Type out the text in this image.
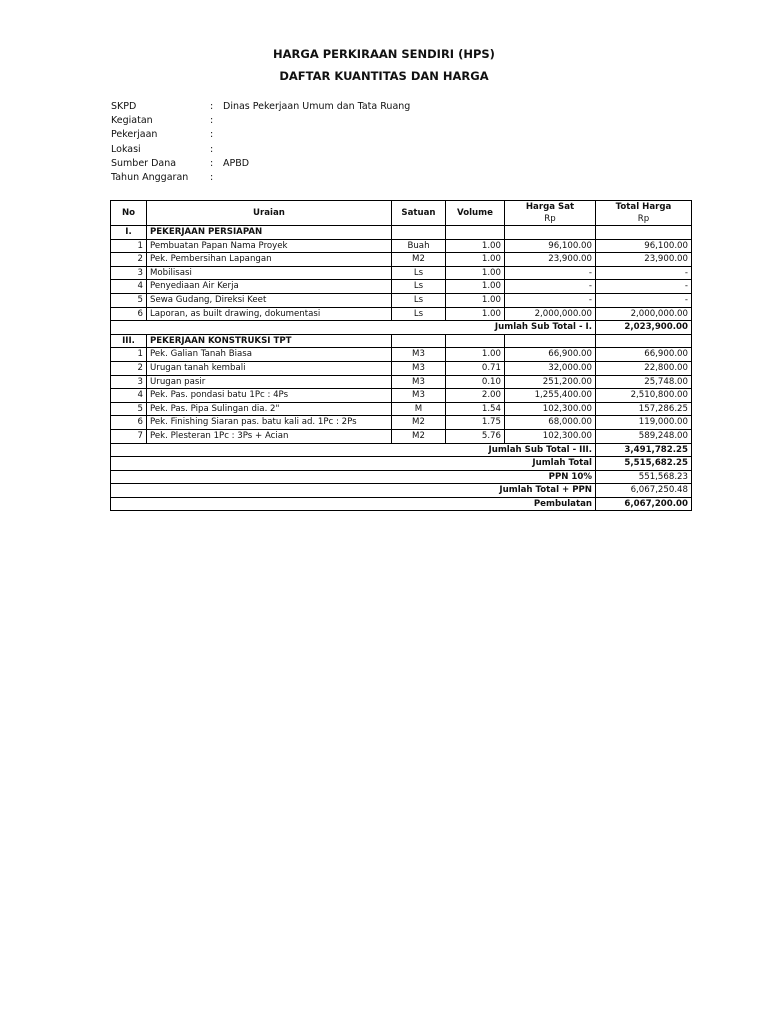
HARGA PERKIRAAN SENDIRI (HPS)
DAFTAR KUANTITAS DAN HARGA
SKPD	: Dinas Pekerjaan Umum dan Tata Ruang
Kegiatan	:
Pekerjaan	:
Lokasi	:
Sumber Dana	: APBD
Tahun Anggaran :
No	Uraian	Satuan	Volume	Harga Sat	Total Harga
				Rp	Rp
I.	PEKERJAAN PERSIAPAN				
1	Pembuatan Papan Nama Proyek	Buah	1.00	96,100.00	96,100.00
2	Pek. Pembersihan Lapangan	M2	1.00	23,900.00	23,900.00
3	Mobilisasi	Ls	1.00	-	-
4	Penyediaan Air Kerja	Ls	1.00	-	-
5	Sewa Gudang, Direksi Keet	Ls	1.00	-	-
6	Laporan, as built drawing, dokumentasi	Ls	1.00	2,000,000.00	2,000,000.00
Jumlah Sub Total - I.					2,023,900.00
III.	PEKERJAAN KONSTRUKSI TPT				
1	Pek. Galian Tanah Biasa	M3	1.00	66,900.00	66,900.00
2	Urugan tanah kembali	M3	0.71	32,000.00	22,800.00
3	Urugan pasir	M3	0.10	251,200.00	25,748.00
4	Pek. Pas. pondasi batu 1Pc : 4Ps	M3	2.00	1,255,400.00	2,510,800.00
5	Pek. Pas. Pipa Sulingan dia. 2"	M	1.54	102,300.00	157,286.25
6	Pek. Finishing Siaran pas. batu kali ad. 1Pc : 2Ps	M2	1.75	68,000.00	119,000.00
7	Pek. Plesteran 1Pc : 3Ps + Acian	M2	5.76	102,300.00	589,248.00
Jumlah Sub Total - III.					3,491,782.25
Jumlah Total					5,515,682.25
PPN 10%					551,568.23
Jumlah Total + PPN					6,067,250.48
Pembulatan					6,067,200.00
